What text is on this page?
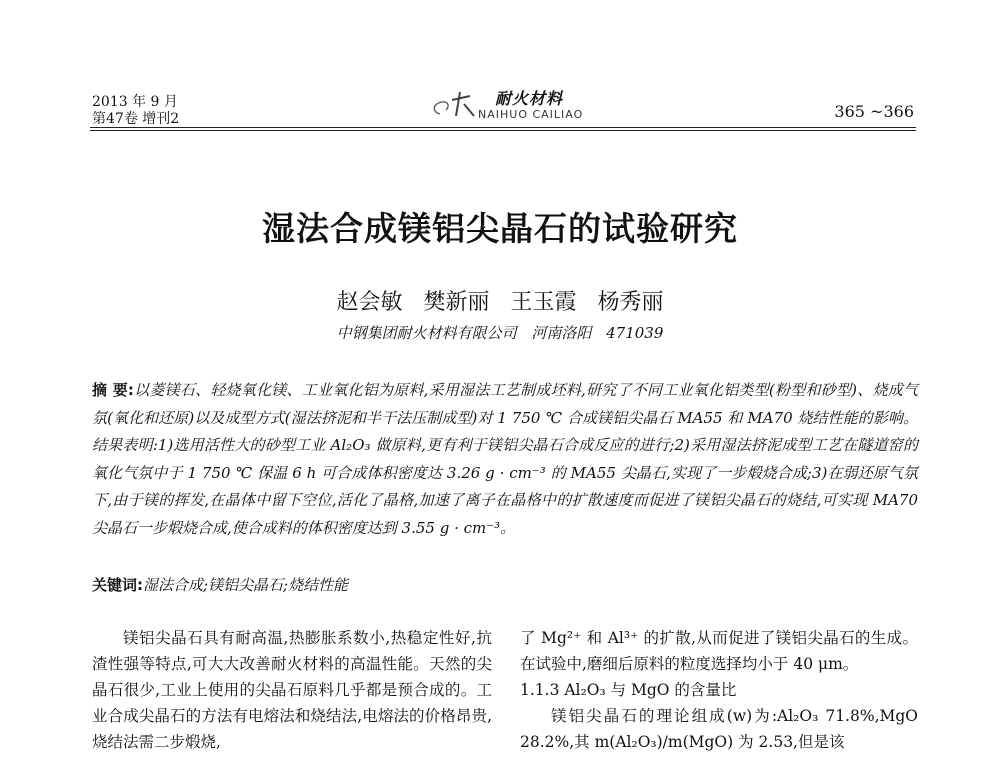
2013 年 9 月
第47卷 增刊2
耐火材料
NAIHUO CAILIAO	365 ~366
湿法合成镁铝尖晶石的试验研究
赵会敏 樊新丽 王玉霞 杨秀丽
中钢集团耐火材料有限公司 河南洛阳 471039
摘 要:以菱镁石、轻烧氧化镁、工业氧化铝为原料,采用湿法工艺制成坯料,研究了不同工业氧化铝类型(粉型和砂型)、烧成气氛(氧化和还原)以及成型方式(湿法挤泥和半干法压制成型)对 1 750 ℃ 合成镁铝尖晶石 MA55 和 MA70 烧结性能的影响。结果表明:1)选用活性大的砂型工业 Al₂O₃ 做原料,更有利于镁铝尖晶石合成反应的进行;2)采用湿法挤泥成型工艺在隧道窑的氧化气氛中于 1 750 ℃ 保温 6 h 可合成体积密度达 3.26 g · cm⁻³ 的 MA55 尖晶石,实现了一步煅烧合成;3)在弱还原气氛下,由于镁的挥发,在晶体中留下空位,活化了晶格,加速了离子在晶格中的扩散速度而促进了镁铝尖晶石的烧结,可实现 MA70 尖晶石一步煅烧合成,使合成料的体积密度达到 3.55 g · cm⁻³。
关键词:湿法合成;镁铝尖晶石;烧结性能

镁铝尖晶石具有耐高温,热膨胀系数小,热稳定性好,抗渣性强等特点,可大大改善耐火材料的高温性能。天然的尖晶石很少,工业上使用的尖晶石原料几乎都是预合成的。工业合成尖晶石的方法有电熔法和烧结法,电熔法的价格昂贵,烧结法需二步煅烧,

了 Mg²⁺ 和 Al³⁺ 的扩散,从而促进了镁铝尖晶石的生成。在试验中,磨细后原料的粒度选择均小于 40 μm。

1.1.3 Al₂O₃ 与 MgO 的含量比

镁铝尖晶石的理论组成(w)为:Al₂O₃ 71.8%,MgO 28.2%,其 m(Al₂O₃)/m(MgO) 为 2.53,但是该
